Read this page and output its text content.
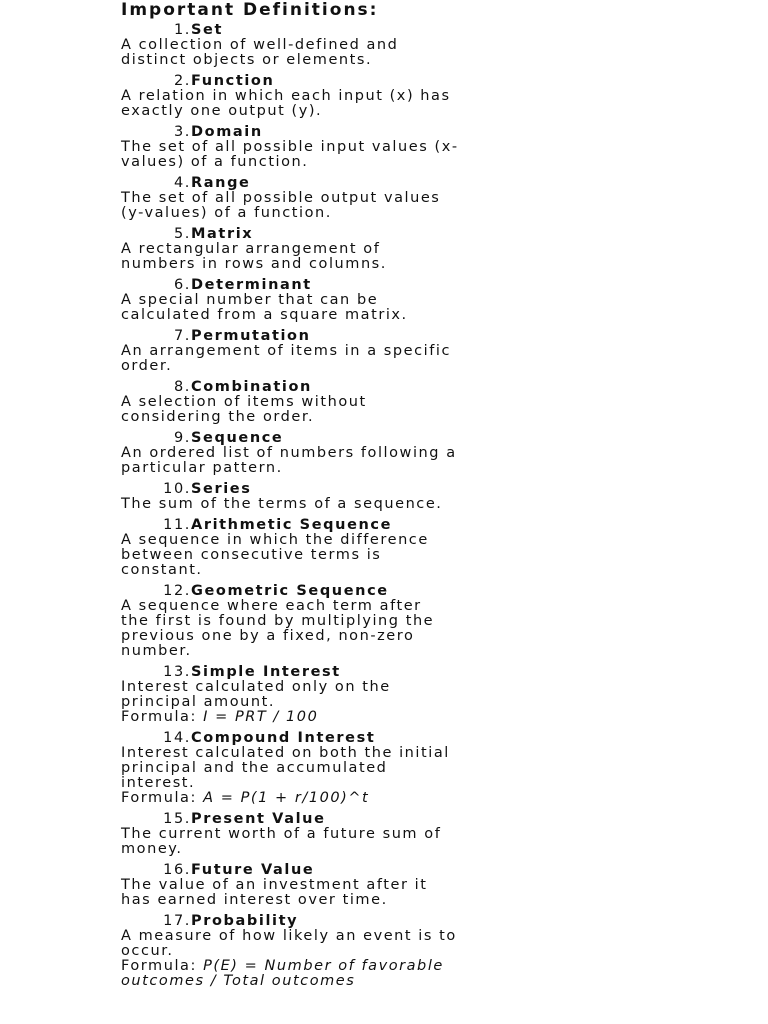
Important Definitions:
1.Set
A collection of well-defined and
distinct objects or elements.
2.Function
A relation in which each input (x) has
exactly one output (y).
3.Domain
The set of all possible input values (x-
values) of a function.
4.Range
The set of all possible output values
(y-values) of a function.
5.Matrix
A rectangular arrangement of
numbers in rows and columns.
6.Determinant
A special number that can be
calculated from a square matrix.
7.Permutation
An arrangement of items in a specific
order.
8.Combination
A selection of items without
considering the order.
9.Sequence
An ordered list of numbers following a
particular pattern.
10.Series
The sum of the terms of a sequence.
11.Arithmetic Sequence
A sequence in which the difference
between consecutive terms is
constant.
12.Geometric Sequence
A sequence where each term after
the first is found by multiplying the
previous one by a fixed, non-zero
number.
13.Simple Interest
Interest calculated only on the
principal amount.
Formula: I = PRT / 100
14.Compound Interest
Interest calculated on both the initial
principal and the accumulated
interest.
Formula: A = P(1 + r/100)^t
15.Present Value
The current worth of a future sum of
money.
16.Future Value
The value of an investment after it
has earned interest over time.
17.Probability
A measure of how likely an event is to
occur.
Formula: P(E) = Number of favorable
outcomes / Total outcomes
